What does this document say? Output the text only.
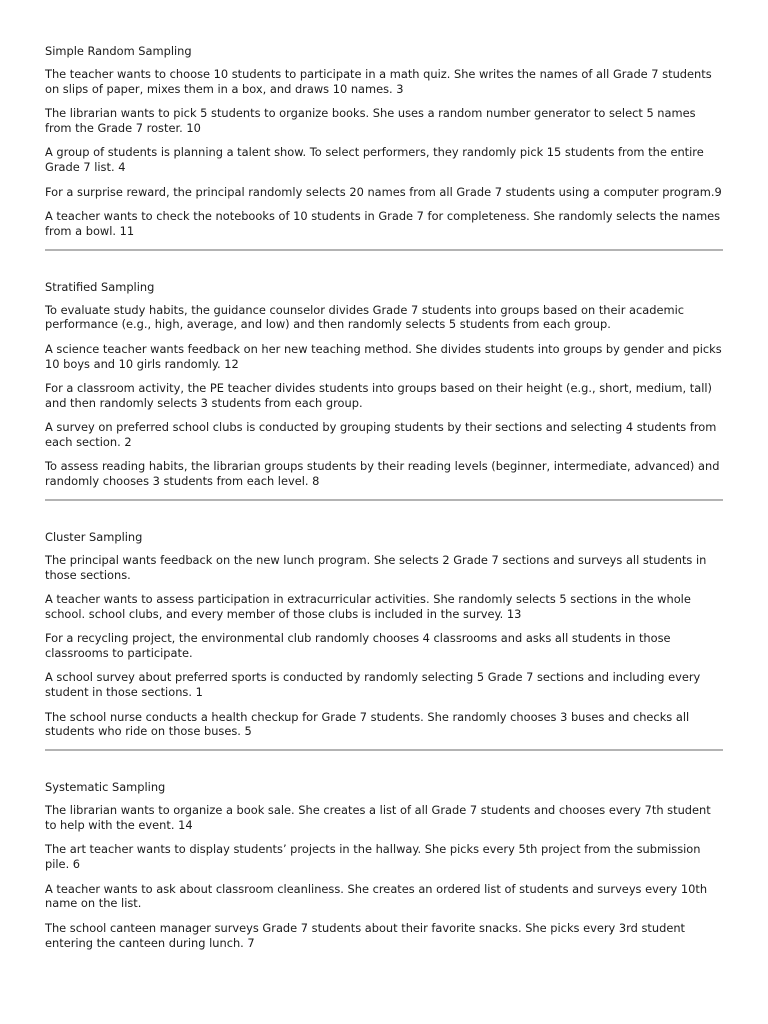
Simple Random Sampling
The teacher wants to choose 10 students to participate in a math quiz. She writes the names of all Grade 7 students on slips of paper, mixes them in a box, and draws 10 names. 3
The librarian wants to pick 5 students to organize books. She uses a random number generator to select 5 names from the Grade 7 roster. 10
A group of students is planning a talent show. To select performers, they randomly pick 15 students from the entire Grade 7 list. 4
For a surprise reward, the principal randomly selects 20 names from all Grade 7 students using a computer program.9
A teacher wants to check the notebooks of 10 students in Grade 7 for completeness. She randomly selects the names from a bowl. 11
Stratified Sampling
To evaluate study habits, the guidance counselor divides Grade 7 students into groups based on their academic performance (e.g., high, average, and low) and then randomly selects 5 students from each group.
A science teacher wants feedback on her new teaching method. She divides students into groups by gender and picks 10 boys and 10 girls randomly. 12
For a classroom activity, the PE teacher divides students into groups based on their height (e.g., short, medium, tall) and then randomly selects 3 students from each group.
A survey on preferred school clubs is conducted by grouping students by their sections and selecting 4 students from each section. 2
To assess reading habits, the librarian groups students by their reading levels (beginner, intermediate, advanced) and randomly chooses 3 students from each level. 8
Cluster Sampling
The principal wants feedback on the new lunch program. She selects 2 Grade 7 sections and surveys all students in those sections.
A teacher wants to assess participation in extracurricular activities. She randomly selects 5 sections in the whole school. school clubs, and every member of those clubs is included in the survey. 13
For a recycling project, the environmental club randomly chooses 4 classrooms and asks all students in those classrooms to participate.
A school survey about preferred sports is conducted by randomly selecting 5 Grade 7 sections and including every student in those sections. 1
The school nurse conducts a health checkup for Grade 7 students. She randomly chooses 3 buses and checks all students who ride on those buses. 5
Systematic Sampling
The librarian wants to organize a book sale. She creates a list of all Grade 7 students and chooses every 7th student to help with the event. 14
The art teacher wants to display students’ projects in the hallway. She picks every 5th project from the submission pile. 6
A teacher wants to ask about classroom cleanliness. She creates an ordered list of students and surveys every 10th name on the list.
The school canteen manager surveys Grade 7 students about their favorite snacks. She picks every 3rd student entering the canteen during lunch. 7
